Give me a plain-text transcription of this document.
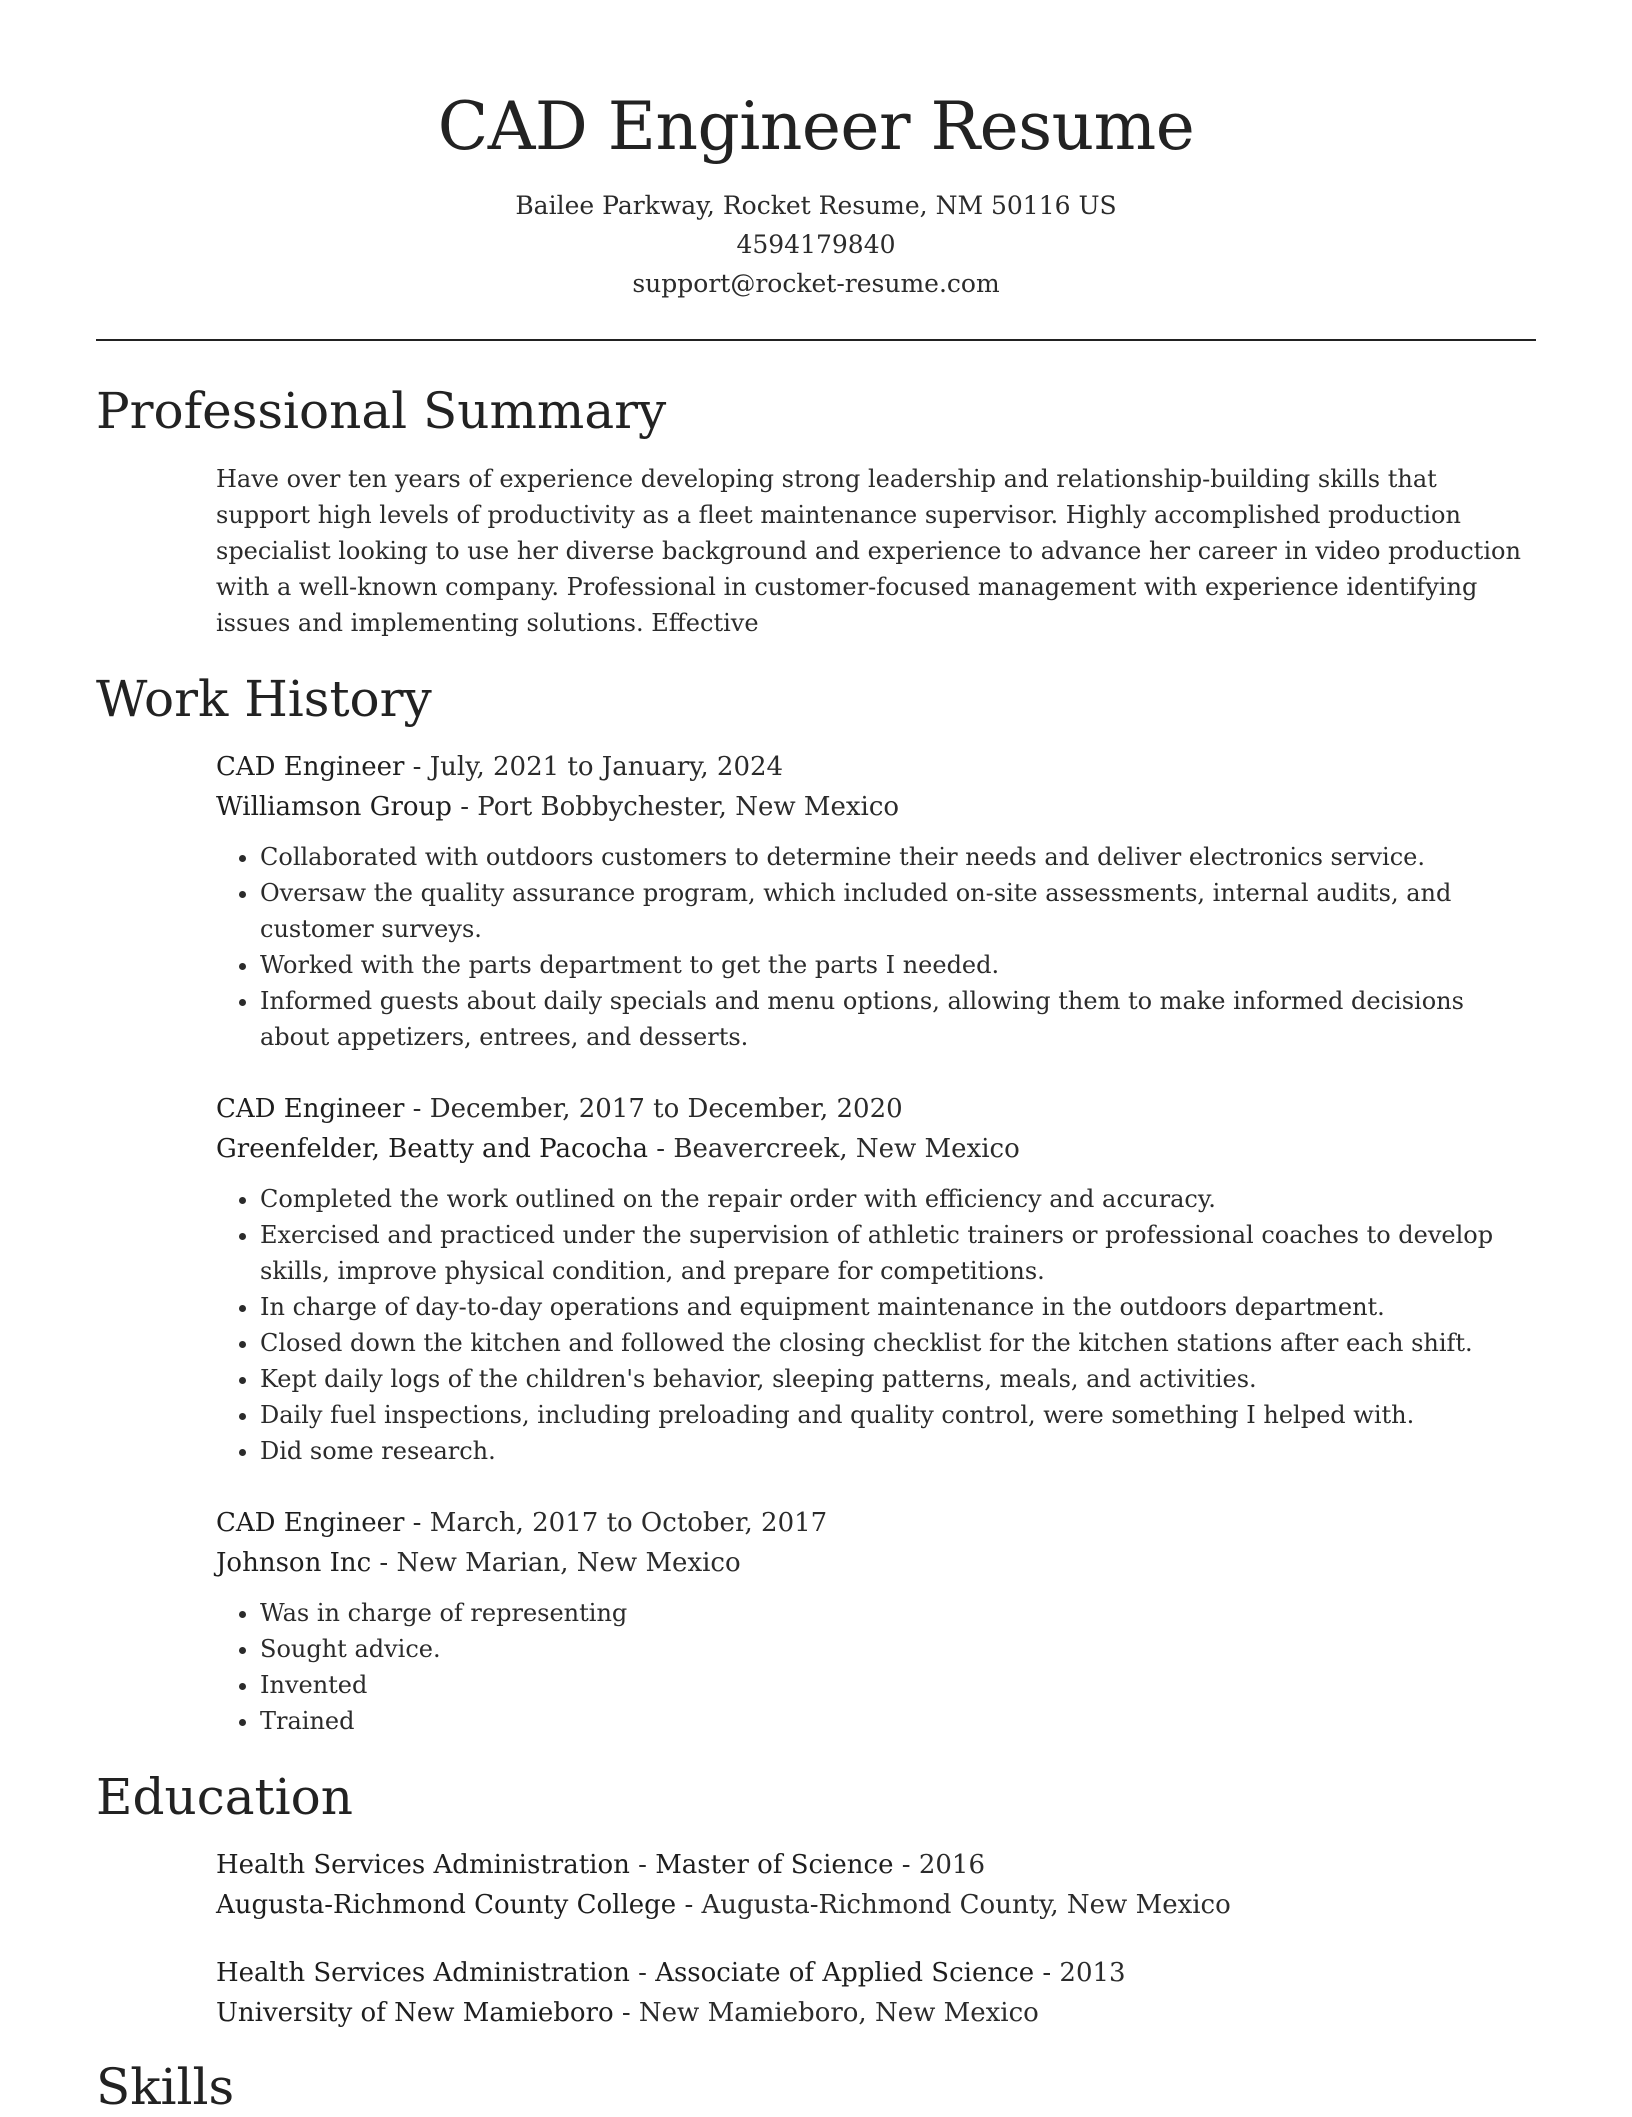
CAD Engineer Resume
Bailee Parkway, Rocket Resume, NM 50116 US
4594179840
support@rocket-resume.com
Professional Summary
Have over ten years of experience developing strong leadership and relationship-building skills that support high levels of productivity as a fleet maintenance supervisor. Highly accomplished production specialist looking to use her diverse background and experience to advance her career in video production with a well-known company. Professional in customer-focused management with experience identifying issues and implementing solutions. Effective
Work History
CAD Engineer - July, 2021 to January, 2024
Williamson Group - Port Bobbychester, New Mexico
• Collaborated with outdoors customers to determine their needs and deliver electronics service.
• Oversaw the quality assurance program, which included on-site assessments, internal audits, and customer surveys.
• Worked with the parts department to get the parts I needed.
• Informed guests about daily specials and menu options, allowing them to make informed decisions about appetizers, entrees, and desserts.
CAD Engineer - December, 2017 to December, 2020
Greenfelder, Beatty and Pacocha - Beavercreek, New Mexico
• Completed the work outlined on the repair order with efficiency and accuracy.
• Exercised and practiced under the supervision of athletic trainers or professional coaches to develop skills, improve physical condition, and prepare for competitions.
• In charge of day-to-day operations and equipment maintenance in the outdoors department.
• Closed down the kitchen and followed the closing checklist for the kitchen stations after each shift.
• Kept daily logs of the children's behavior, sleeping patterns, meals, and activities.
• Daily fuel inspections, including preloading and quality control, were something I helped with.
• Did some research.
CAD Engineer - March, 2017 to October, 2017
Johnson Inc - New Marian, New Mexico
• Was in charge of representing
• Sought advice.
• Invented
• Trained
Education
Health Services Administration - Master of Science - 2016
Augusta-Richmond County College - Augusta-Richmond County, New Mexico
Health Services Administration - Associate of Applied Science - 2013
University of New Mamieboro - New Mamieboro, New Mexico
Skills
